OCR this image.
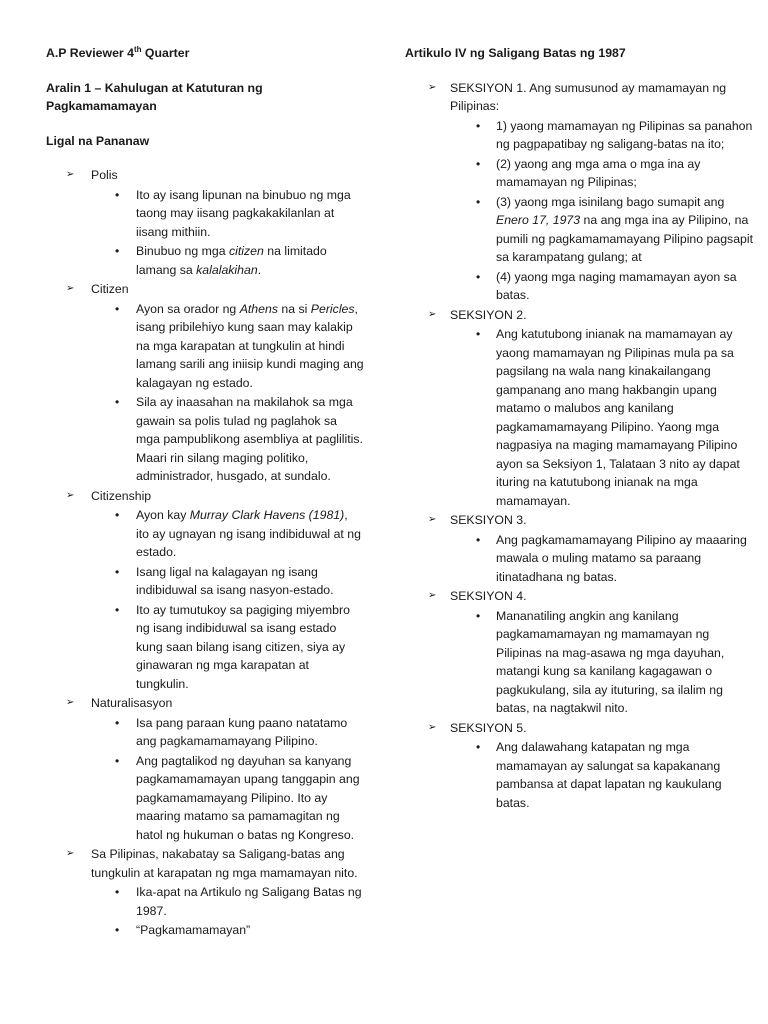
A.P Reviewer 4th Quarter
Aralin 1 – Kahulugan at Katuturan ng Pagkamamamayan
Ligal na Pananaw
➢ Polis
• Ito ay isang lipunan na binubuo ng mga taong may iisang pagkakakilanlan at iisang mithiin.
• Binubuo ng mga citizen na limitado lamang sa kalalakihan.
➢ Citizen
• Ayon sa orador ng Athens na si Pericles, isang pribilehiyo kung saan may kalakip na mga karapatan at tungkulin at hindi lamang sarili ang iniisip kundi maging ang kalagayan ng estado.
• Sila ay inaasahan na makilahok sa mga gawain sa polis tulad ng paglahok sa mga pampublikong asembliya at paglilitis. Maari rin silang maging politiko, administrador, husgado, at sundalo.
➢ Citizenship
• Ayon kay Murray Clark Havens (1981), ito ay ugnayan ng isang indibiduwal at ng estado.
• Isang ligal na kalagayan ng isang indibiduwal sa isang nasyon-estado.
• Ito ay tumutukoy sa pagiging miyembro ng isang indibiduwal sa isang estado kung saan bilang isang citizen, siya ay ginawaran ng mga karapatan at tungkulin.
➢ Naturalisasyon
• Isa pang paraan kung paano natatamo ang pagkamamamayang Pilipino.
• Ang pagtalikod ng dayuhan sa kanyang pagkamamamayan upang tanggapin ang pagkamamamayang Pilipino. Ito ay maaring matamo sa pamamagitan ng hatol ng hukuman o batas ng Kongreso.
➢ Sa Pilipinas, nakabatay sa Saligang-batas ang tungkulin at karapatan ng mga mamamayan nito.
• Ika-apat na Artikulo ng Saligang Batas ng 1987.
• “Pagkamamamayan”
Artikulo IV ng Saligang Batas ng 1987
➢ SEKSIYON 1. Ang sumusunod ay mamamayan ng Pilipinas:
• 1) yaong mamamayan ng Pilipinas sa panahon ng pagpapatibay ng saligang-batas na ito;
• (2) yaong ang mga ama o mga ina ay mamamayan ng Pilipinas;
• (3) yaong mga isinilang bago sumapit ang Enero 17, 1973 na ang mga ina ay Pilipino, na pumili ng pagkamamamayang Pilipino pagsapit sa karampatang gulang; at
• (4) yaong mga naging mamamayan ayon sa batas.
➢ SEKSIYON 2.
• Ang katutubong inianak na mamamayan ay yaong mamamayan ng Pilipinas mula pa sa pagsilang na wala nang kinakailangang gampanang ano mang hakbangin upang matamo o malubos ang kanilang pagkamamamayang Pilipino. Yaong mga nagpasiya na maging mamamayang Pilipino ayon sa Seksiyon 1, Talataan 3 nito ay dapat ituring na katutubong inianak na mga mamamayan.
➢ SEKSIYON 3.
• Ang pagkamamamayang Pilipino ay maaaring mawala o muling matamo sa paraang itinatadhana ng batas.
➢ SEKSIYON 4.
• Mananatiling angkin ang kanilang pagkamamamayan ng mamamayan ng Pilipinas na mag-asawa ng mga dayuhan, matangi kung sa kanilang kagagawan o pagkukulang, sila ay ituturing, sa ilalim ng batas, na nagtakwil nito.
➢ SEKSIYON 5.
• Ang dalawahang katapatan ng mga mamamayan ay salungat sa kapakanang pambansa at dapat lapatan ng kaukulang batas.
